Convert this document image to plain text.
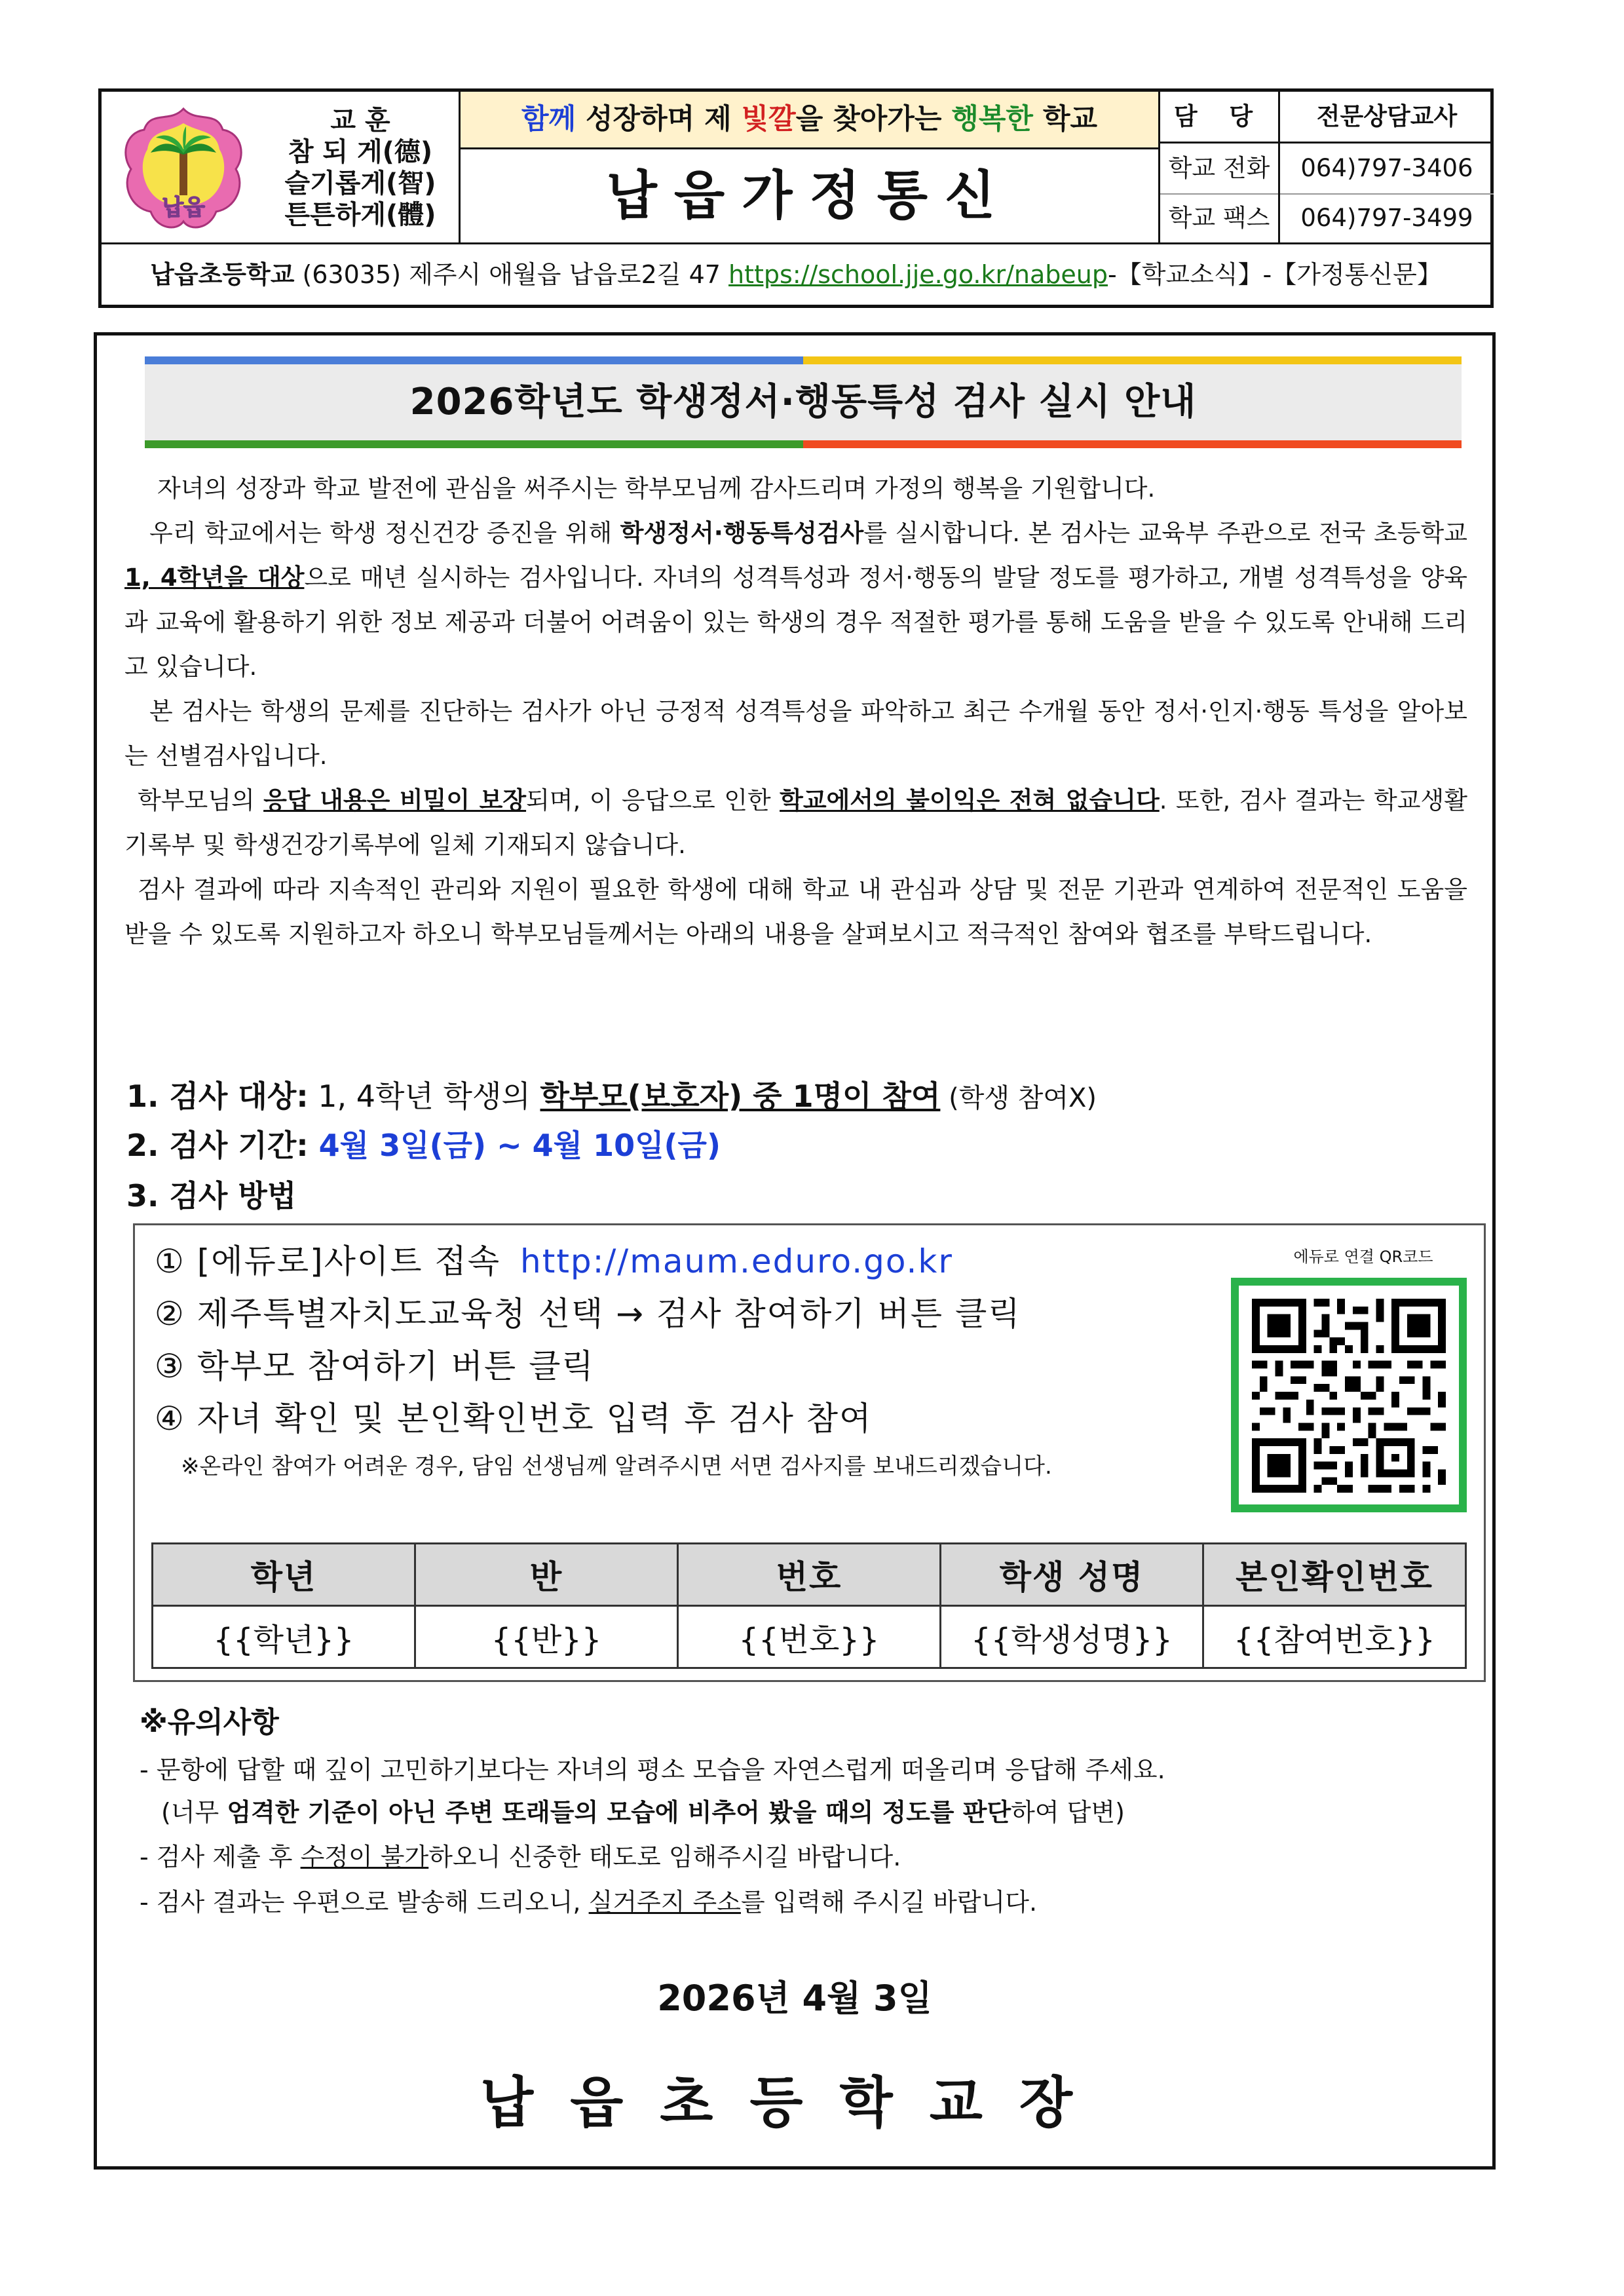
납읍
교 훈
참 되 게(德)
슬기롭게(智)
튼튼하게(體)
함께 성장하며 제 빛깔을 찾아가는 행복한 학교
납읍가정통신
담 당	전문상담교사
학교 전화	064)797-3406
학교 팩스	064)797-3499
납읍초등학교 (63035) 제주시 애월읍 납읍로2길 47 https://school.jje.go.kr/nabeup-【학교소식】-【가정통신문】
2026학년도 학생정서·행동특성 검사 실시 안내

자녀의 성장과 학교 발전에 관심을 써주시는 학부모님께 감사드리며 가정의 행복을 기원합니다.

우리 학교에서는 학생 정신건강 증진을 위해 학생정서·행동특성검사를 실시합니다. 본 검사는 교육부 주관으로 전국 초등학교 1, 4학년을 대상으로 매년 실시하는 검사입니다. 자녀의 성격특성과 정서·행동의 발달 정도를 평가하고, 개별 성격특성을 양육과 교육에 활용하기 위한 정보 제공과 더불어 어려움이 있는 학생의 경우 적절한 평가를 통해 도움을 받을 수 있도록 안내해 드리고 있습니다.

본 검사는 학생의 문제를 진단하는 검사가 아닌 긍정적 성격특성을 파악하고 최근 수개월 동안 정서·인지·행동 특성을 알아보는 선별검사입니다.

학부모님의 응답 내용은 비밀이 보장되며, 이 응답으로 인한 학교에서의 불이익은 전혀 없습니다. 또한, 검사 결과는 학교생활기록부 및 학생건강기록부에 일체 기재되지 않습니다.

검사 결과에 따라 지속적인 관리와 지원이 필요한 학생에 대해 학교 내 관심과 상담 및 전문 기관과 연계하여 전문적인 도움을 받을 수 있도록 지원하고자 하오니 학부모님들께서는 아래의 내용을 살펴보시고 적극적인 참여와 협조를 부탁드립니다.

1. 검사 대상: 1, 4학년 학생의 학부모(보호자) 중 1명이 참여 (학생 참여X)
2. 검사 기간: 4월 3일(금) ~ 4월 10일(금)
3. 검사 방법
① [에듀로]사이트 접속 http://maum.eduro.go.kr
② 제주특별자치도교육청 선택 → 검사 참여하기 버튼 클릭
③ 학부모 참여하기 버튼 클릭
④ 자녀 확인 및 본인확인번호 입력 후 검사 참여
※온라인 참여가 어려운 경우, 담임 선생님께 알려주시면 서면 검사지를 보내드리겠습니다.
에듀로 연결 QR코드
학년	반	번호	학생 성명	본인확인번호
{{학년}}	{{반}}	{{번호}}	{{학생성명}}	{{참여번호}}
※유의사항
- 문항에 답할 때 깊이 고민하기보다는 자녀의 평소 모습을 자연스럽게 떠올리며 응답해 주세요.
(너무 엄격한 기준이 아닌 주변 또래들의 모습에 비추어 봤을 때의 정도를 판단하여 답변)
- 검사 제출 후 수정이 불가하오니 신중한 태도로 임해주시길 바랍니다.
- 검사 결과는 우편으로 발송해 드리오니, 실거주지 주소를 입력해 주시길 바랍니다.
2026년 4월 3일
납읍초등학교장
